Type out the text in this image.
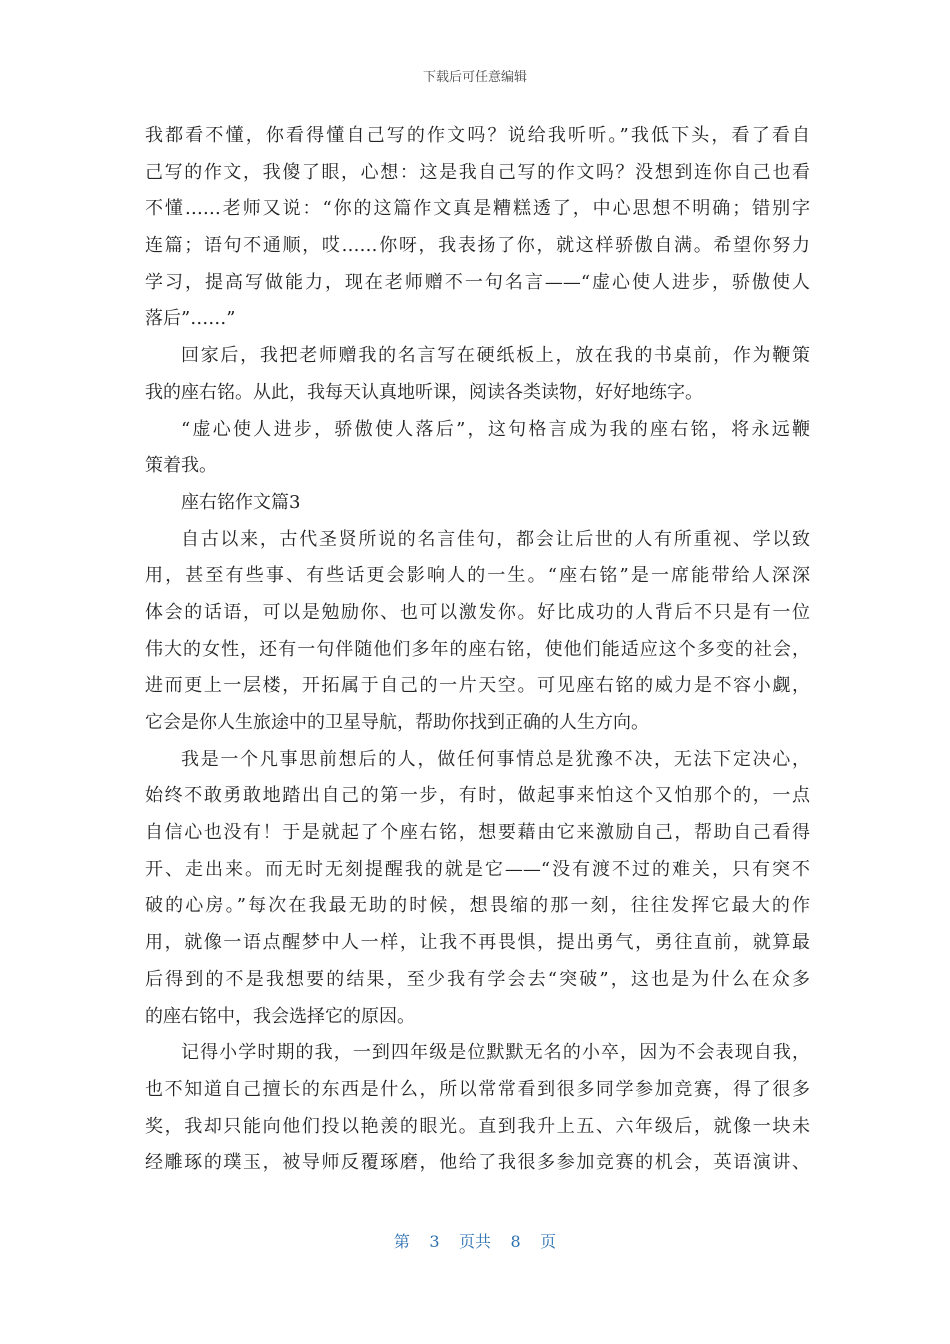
下载后可任意编辑
我都看不懂，你看得懂自己写的作文吗？说给我听听。”我低下头，看了看自
己写的作文，我傻了眼，心想：这是我自己写的作文吗？没想到连你自己也看
不懂……老师又说：“你的这篇作文真是糟糕透了，中心思想不明确；错别字
连篇；语句不通顺，哎……你呀，我表扬了你，就这样骄傲自满。希望你努力
学习，提高写做能力，现在老师赠不一句名言——“虚心使人进步，骄傲使人
落后”……”
回家后，我把老师赠我的名言写在硬纸板上，放在我的书桌前，作为鞭策
我的座右铭。从此，我每天认真地听课，阅读各类读物，好好地练字。
“虚心使人进步，骄傲使人落后”，这句格言成为我的座右铭，将永远鞭
策着我。
座右铭作文篇3
自古以来，古代圣贤所说的名言佳句，都会让后世的人有所重视、学以致
用，甚至有些事、有些话更会影响人的一生。“座右铭”是一席能带给人深深
体会的话语，可以是勉励你、也可以激发你。好比成功的人背后不只是有一位
伟大的女性，还有一句伴随他们多年的座右铭，使他们能适应这个多变的社会，
进而更上一层楼，开拓属于自己的一片天空。可见座右铭的威力是不容小觑，
它会是你人生旅途中的卫星导航，帮助你找到正确的人生方向。
我是一个凡事思前想后的人，做任何事情总是犹豫不决，无法下定决心，
始终不敢勇敢地踏出自己的第一步，有时，做起事来怕这个又怕那个的，一点
自信心也没有！于是就起了个座右铭，想要藉由它来激励自己，帮助自己看得
开、走出来。而无时无刻提醒我的就是它——“没有渡不过的难关，只有突不
破的心房。”每次在我最无助的时候，想畏缩的那一刻，往往发挥它最大的作
用，就像一语点醒梦中人一样，让我不再畏惧，提出勇气，勇往直前，就算最
后得到的不是我想要的结果，至少我有学会去“突破”，这也是为什么在众多
的座右铭中，我会选择它的原因。
记得小学时期的我，一到四年级是位默默无名的小卒，因为不会表现自我，
也不知道自己擅长的东西是什么，所以常常看到很多同学参加竞赛，得了很多
奖，我却只能向他们投以艳羡的眼光。直到我升上五、六年级后，就像一块未
经雕琢的璞玉，被导师反覆琢磨，他给了我很多参加竞赛的机会，英语演讲、
第 3 页共 8 页
